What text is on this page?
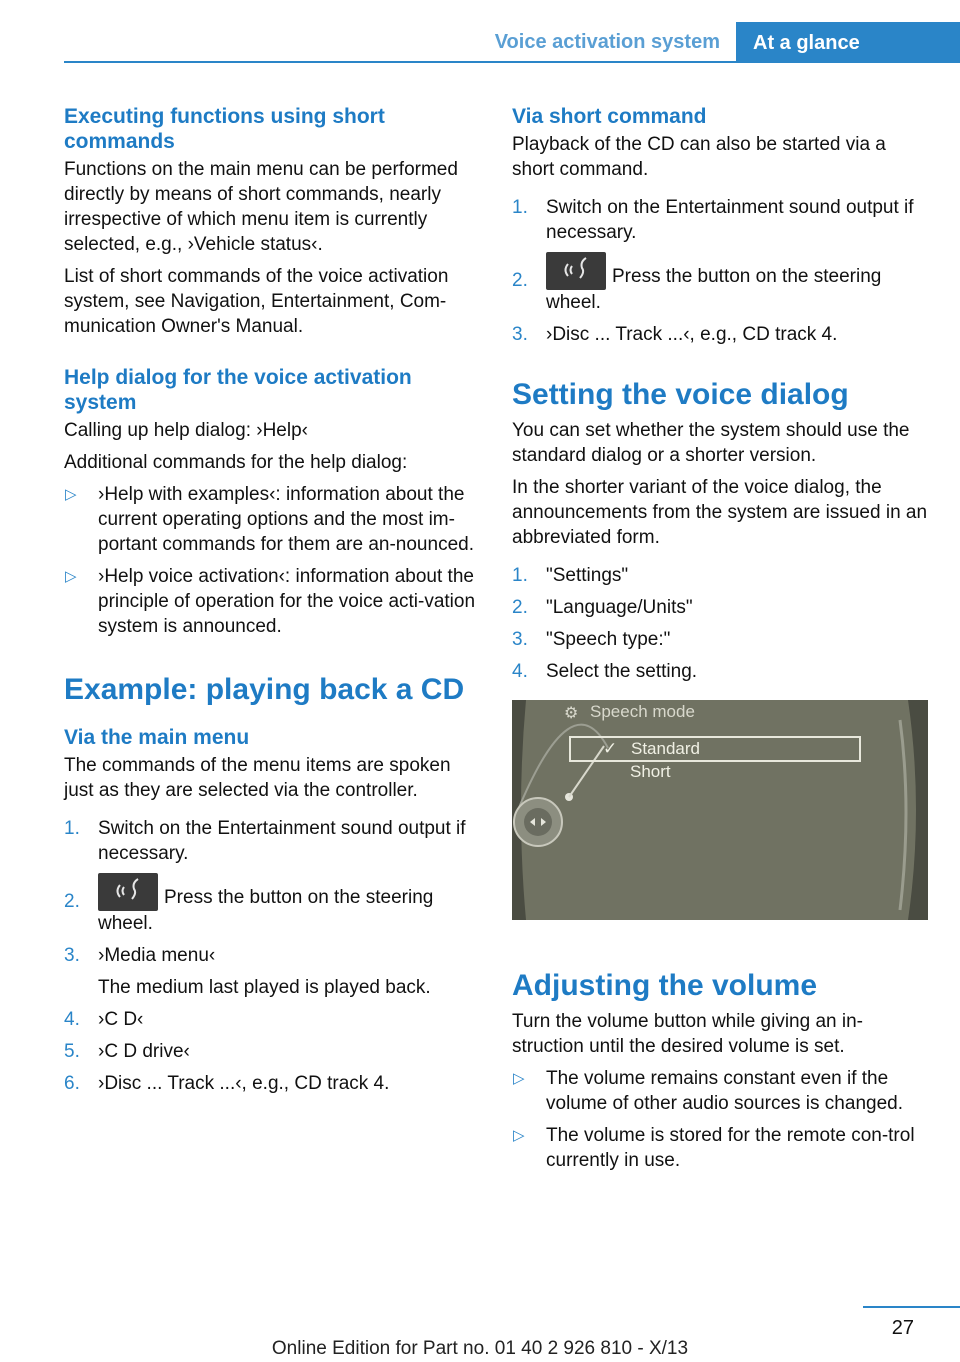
Voice activation system	At a glance
Executing functions using short commands

Functions on the main menu can be performed directly by means of short commands, nearly irrespective of which menu item is currently selected, e.g., ›Vehicle status‹.

List of short commands of the voice activation system, see Navigation, Entertainment, Com-munication Owner's Manual.

Help dialog for the voice activation system

Calling up help dialog: ›Help‹

Additional commands for the help dialog:

▷ ›Help with examples‹: information about the current operating options and the most im-portant commands for them are an-nounced.
▷ ›Help voice activation‹: information about the principle of operation for the voice acti-vation system is announced.
Example: playing back a CD
Via the main menu

The commands of the menu items are spoken just as they are selected via the controller.

1. Switch on the Entertainment sound output if necessary.
2.	Press the button on the steering wheel.
3. ›Media menu‹
The medium last played is played back.
4. ›C D‹
5. ›C D drive‹
6. ›Disc ... Track ...‹, e.g., CD track 4.
Via short command

Playback of the CD can also be started via a short command.

1. Switch on the Entertainment sound output if necessary.
2.	Press the button on the steering wheel.
3. ›Disc ... Track ...‹, e.g., CD track 4.
Setting the voice dialog

You can set whether the system should use the standard dialog or a shorter version.

In the shorter variant of the voice dialog, the announcements from the system are issued in an abbreviated form.

1. "Settings"
2. "Language/Units"
3. "Speech type:"
4. Select the setting.
⚙ Speech mode
✓ Standard
Short
Adjusting the volume

Turn the volume button while giving an in-struction until the desired volume is set.

▷ The volume remains constant even if the volume of other audio sources is changed.
▷ The volume is stored for the remote con-trol currently in use.
27
Online Edition for Part no. 01 40 2 926 810 - X/13
